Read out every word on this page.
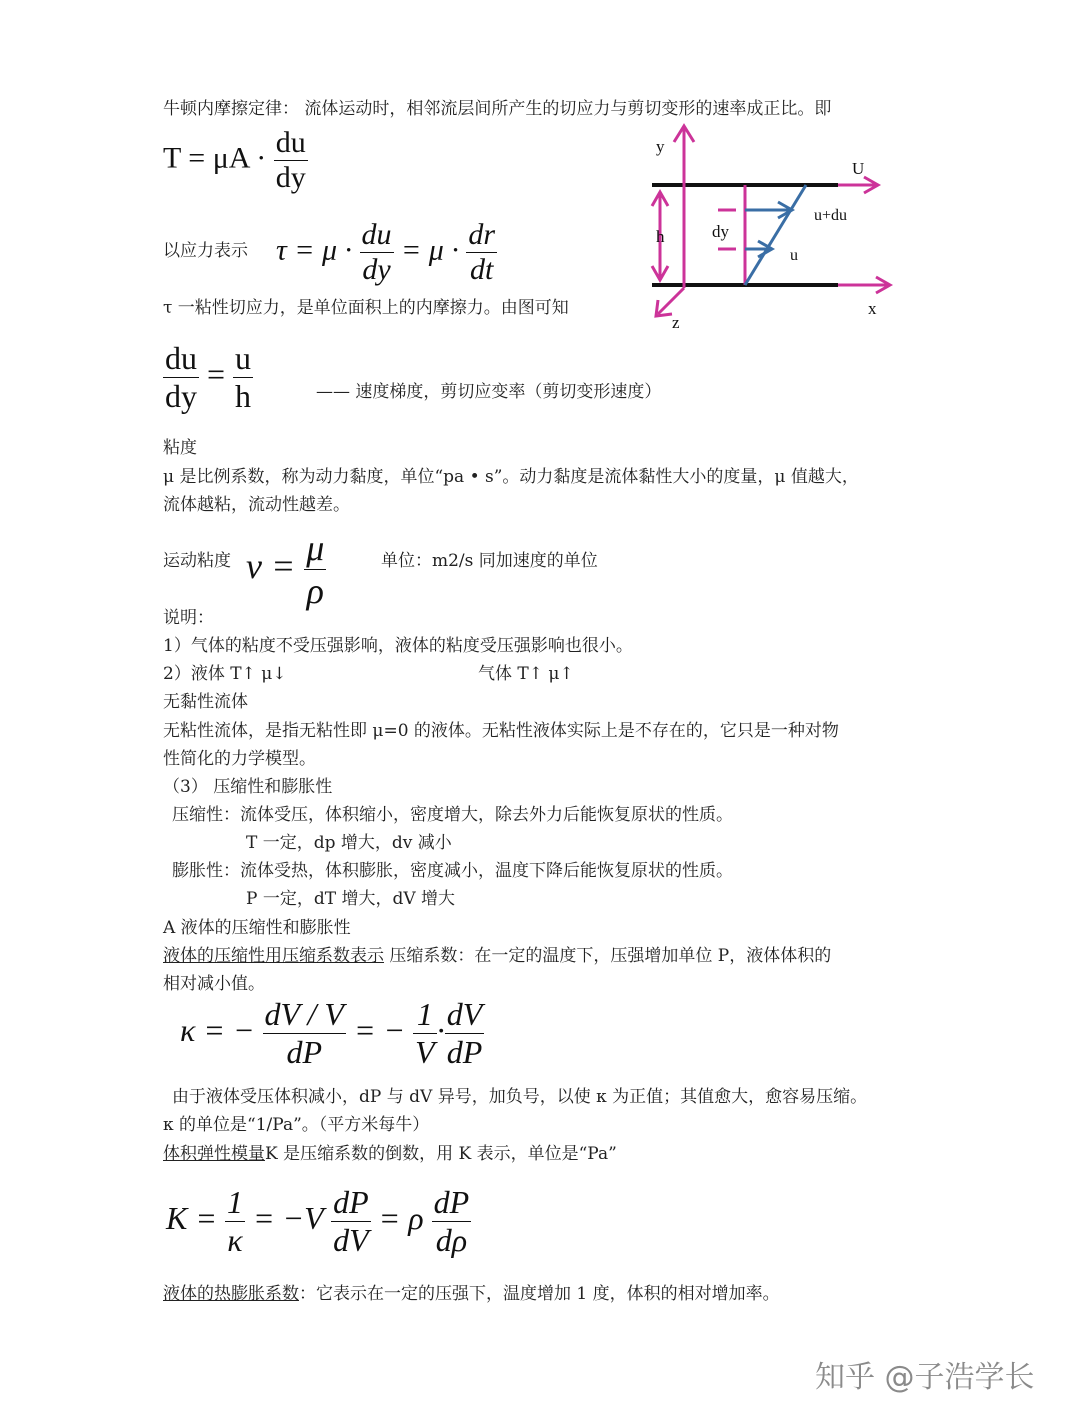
牛顿内摩擦定律： 流体运动时，相邻流层间所产生的切应力与剪切变形的速率成正比。即
$T = \mu A \cdot \frac{du}{dy}$
以应力表示 $\tau = \mu \cdot \frac{du}{dy} = \mu \cdot \frac{dr}{dt}$
τ 一粘性切应力，是单位面积上的内摩擦力。由图可知
$\frac{du}{dy} = \frac{u}{h}$	—— 速度梯度，剪切应变率（剪切变形速度）
粘度
μ 是比例系数，称为动力黏度，单位“pa • s”。动力黏度是流体黏性大小的度量，μ 值越大，
流体越粘，流动性越差。
运动粘度 $\nu = \frac{\mu}{\rho}$	单位：m2/s 同加速度的单位
说明：
1）气体的粘度不受压强影响，液体的粘度受压强影响也很小。
2）液体 T↑ μ↓	气体 T↑ μ↑
无黏性流体
无粘性流体，是指无粘性即 μ=0 的液体。无粘性液体实际上是不存在的，它只是一种对物
性简化的力学模型。
（3） 压缩性和膨胀性
压缩性：流体受压，体积缩小，密度增大，除去外力后能恢复原状的性质。
T 一定，dp 增大，dv 减小
膨胀性：流体受热，体积膨胀，密度减小，温度下降后能恢复原状的性质。
P 一定，dT 增大，dV 增大
A 液体的压缩性和膨胀性
液体的压缩性用压缩系数表示 压缩系数：在一定的温度下，压强增加单位 P，液体体积的
相对减小值。
κ = − $\frac{dV / V}{dP}$ = − $\frac{1}{V} \cdot \frac{dV}{dP}$
由于液体受压体积减小，dP 与 dV 异号，加负号，以使 κ 为正值；其值愈大，愈容易压缩。
κ 的单位是“1/Pa”。（平方米每牛）
体积弹性模量K 是压缩系数的倒数，用 K 表示，单位是“Pa”
$K = \frac{1}{\kappa} = -V \frac{dP}{dV} = \rho \frac{dP}{d\rho}$
液体的热膨胀系数：它表示在一定的压强下，温度增加 1 度，体积的相对增加率。
知乎 @子浩学长
y
U
u+du
dy
h
u
x
z
